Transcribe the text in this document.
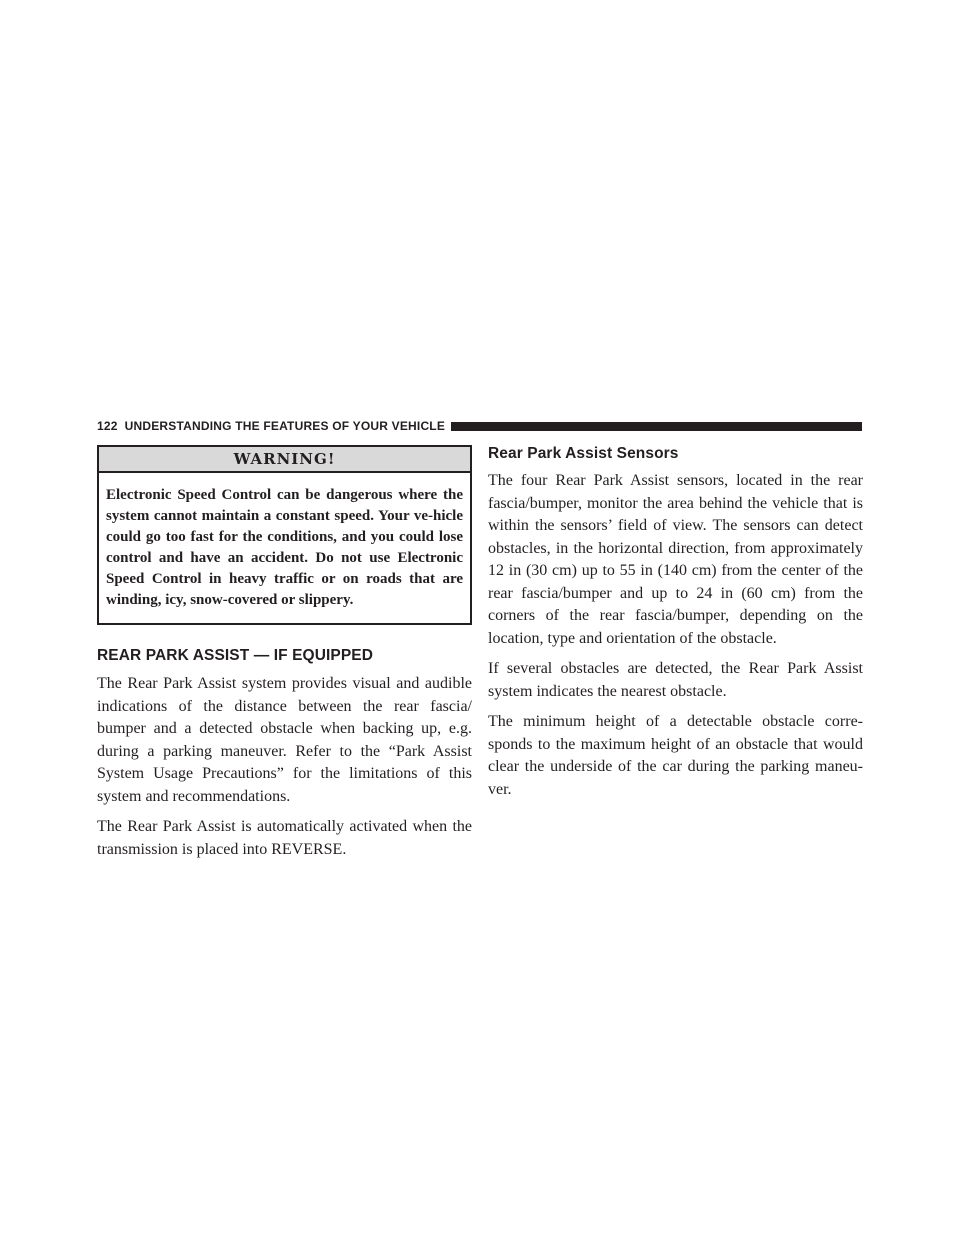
122 UNDERSTANDING THE FEATURES OF YOUR VEHICLE
WARNING!
Electronic Speed Control can be dangerous where the system cannot maintain a constant speed. Your ve-hicle could go too fast for the conditions, and you could lose control and have an accident. Do not use Electronic Speed Control in heavy traffic or on roads that are winding, icy, snow-covered or slippery.
REAR PARK ASSIST — IF EQUIPPED

The Rear Park Assist system provides visual and audible indications of the distance between the rear fascia/ bumper and a detected obstacle when backing up, e.g. during a parking maneuver. Refer to the “Park Assist System Usage Precautions” for the limitations of this system and recommendations.

The Rear Park Assist is automatically activated when the transmission is placed into REVERSE.

Rear Park Assist Sensors

The four Rear Park Assist sensors, located in the rear fascia/bumper, monitor the area behind the vehicle that is within the sensors’ field of view. The sensors can detect obstacles, in the horizontal direction, from approximately 12 in (30 cm) up to 55 in (140 cm) from the center of the rear fascia/bumper and up to 24 in (60 cm) from the corners of the rear fascia/bumper, depending on the location, type and orientation of the obstacle.

If several obstacles are detected, the Rear Park Assist system indicates the nearest obstacle.

The minimum height of a detectable obstacle corre-sponds to the maximum height of an obstacle that would clear the underside of the car during the parking maneu-ver.
